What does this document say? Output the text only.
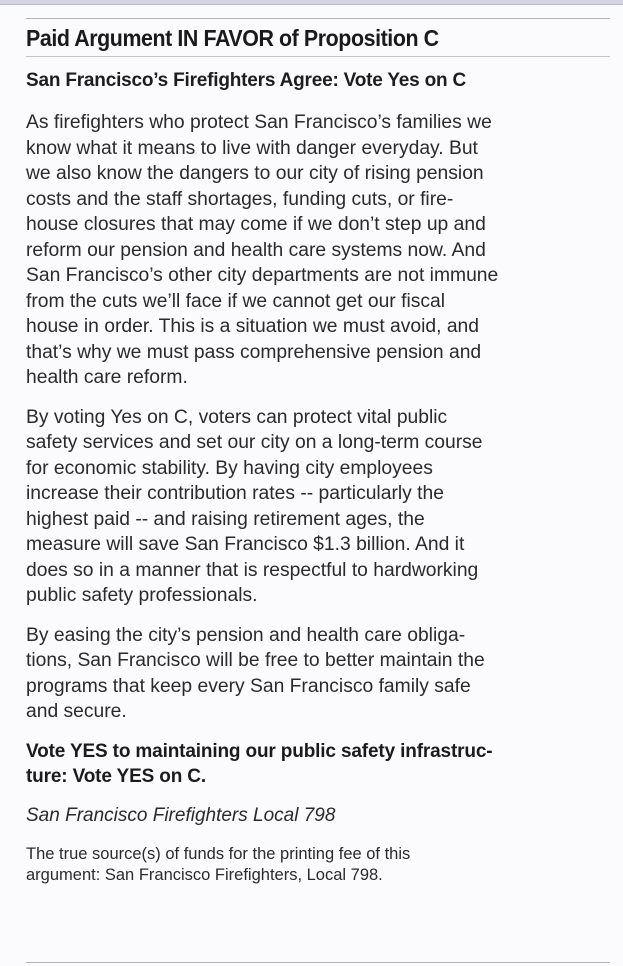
Paid Argument IN FAVOR of Proposition C
San Francisco’s Firefighters Agree: Vote Yes on C

As firefighters who protect San Francisco’s families we
know what it means to live with danger everyday. But
we also know the dangers to our city of rising pension
costs and the staff shortages, funding cuts, or fire-
house closures that may come if we don’t step up and
reform our pension and health care systems now. And
San Francisco’s other city departments are not immune
from the cuts we’ll face if we cannot get our fiscal
house in order. This is a situation we must avoid, and
that’s why we must pass comprehensive pension and
health care reform.

By voting Yes on C, voters can protect vital public
safety services and set our city on a long-term course
for economic stability. By having city employees
increase their contribution rates -- particularly the
highest paid -- and raising retirement ages, the
measure will save San Francisco $1.3 billion. And it
does so in a manner that is respectful to hardworking
public safety professionals.

By easing the city’s pension and health care obliga-
tions, San Francisco will be free to better maintain the
programs that keep every San Francisco family safe
and secure.

Vote YES to maintaining our public safety infrastruc-
ture: Vote YES on C.

San Francisco Firefighters Local 798

The true source(s) of funds for the printing fee of this
argument: San Francisco Firefighters, Local 798.
